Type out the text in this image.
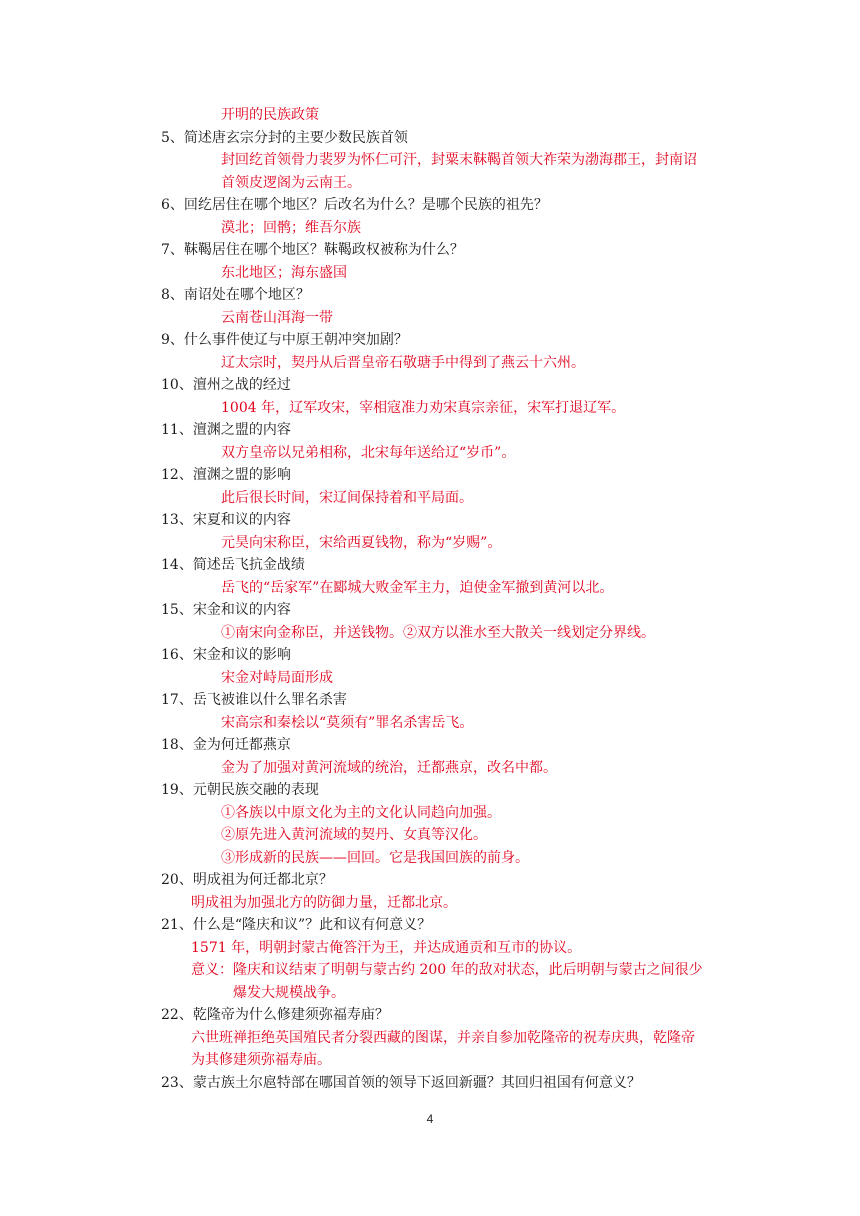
开明的民族政策
5、简述唐玄宗分封的主要少数民族首领
封回纥首领骨力裴罗为怀仁可汗，封粟末靺鞨首领大祚荣为渤海郡王，封南诏
首领皮逻阁为云南王。
6、回纥居住在哪个地区？后改名为什么？是哪个民族的祖先？
漠北；回鹘；维吾尔族
7、靺鞨居住在哪个地区？靺鞨政权被称为什么？
东北地区；海东盛国
8、南诏处在哪个地区？
云南苍山洱海一带
9、什么事件使辽与中原王朝冲突加剧？
辽太宗时，契丹从后晋皇帝石敬瑭手中得到了燕云十六州。
10、澶州之战的经过
1004 年，辽军攻宋，宰相寇准力劝宋真宗亲征，宋军打退辽军。
11、澶渊之盟的内容
双方皇帝以兄弟相称，北宋每年送给辽“岁币”。
12、澶渊之盟的影响
此后很长时间，宋辽间保持着和平局面。
13、宋夏和议的内容
元昊向宋称臣，宋给西夏钱物，称为“岁赐”。
14、简述岳飞抗金战绩
岳飞的“岳家军”在郾城大败金军主力，迫使金军撤到黄河以北。
15、宋金和议的内容
①南宋向金称臣，并送钱物。②双方以淮水至大散关一线划定分界线。
16、宋金和议的影响
宋金对峙局面形成
17、岳飞被谁以什么罪名杀害
宋高宗和秦桧以“莫须有”罪名杀害岳飞。
18、金为何迁都燕京
金为了加强对黄河流域的统治，迁都燕京，改名中都。
19、元朝民族交融的表现
①各族以中原文化为主的文化认同趋向加强。
②原先进入黄河流域的契丹、女真等汉化。
③形成新的民族——回回。它是我国回族的前身。
20、明成祖为何迁都北京？
明成祖为加强北方的防御力量，迁都北京。
21、什么是“隆庆和议”？此和议有何意义？
1571 年，明朝封蒙古俺答汗为王，并达成通贡和互市的协议。
意义：隆庆和议结束了明朝与蒙古约 200 年的敌对状态，此后明朝与蒙古之间很少
爆发大规模战争。
22、乾隆帝为什么修建须弥福寿庙？
六世班禅拒绝英国殖民者分裂西藏的图谋，并亲自参加乾隆帝的祝寿庆典，乾隆帝
为其修建须弥福寿庙。
23、蒙古族土尔扈特部在哪国首领的领导下返回新疆？其回归祖国有何意义？
4
